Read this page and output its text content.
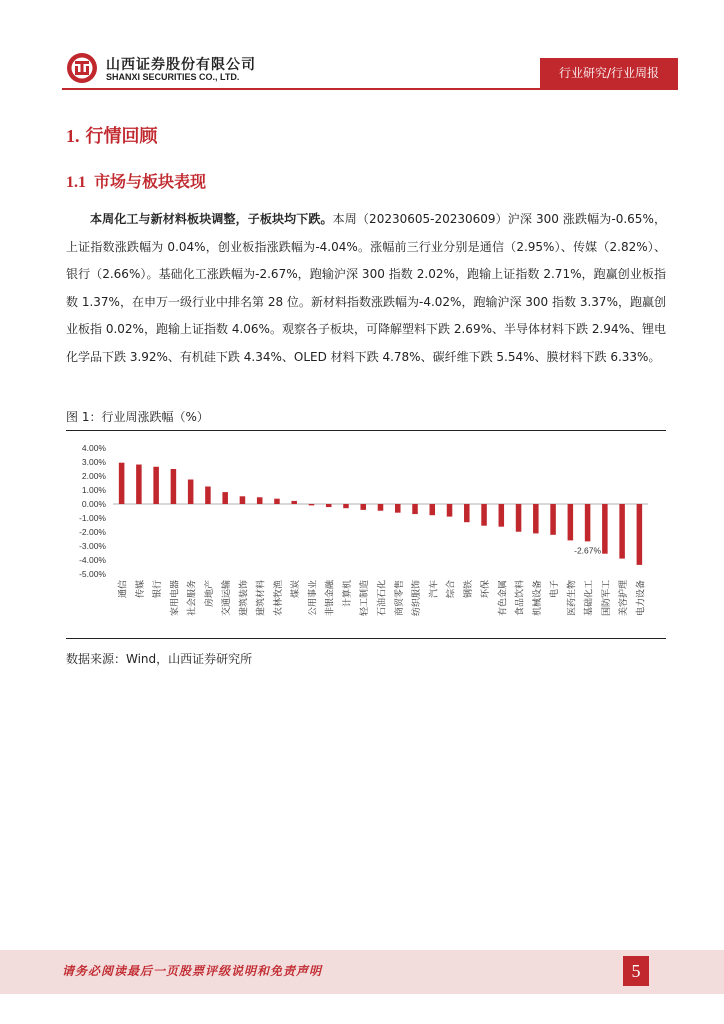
山西证券股份有限公司
SHANXI SECURITIES CO., LTD.	行业研究/行业周报
1. 行情回顾
1.1 市场与板块表现
本周化工与新材料板块调整，子板块均下跌。本周（20230605-20230609）沪深 300 涨跌幅为-0.65%，上证指数涨跌幅为 0.04%，创业板指涨跌幅为-4.04%。涨幅前三行业分别是通信（2.95%）、传媒（2.82%）、银行（2.66%）。基础化工涨跌幅为-2.67%，跑输沪深 300 指数 2.02%，跑输上证指数 2.71%，跑赢创业板指数 1.37%，在申万一级行业中排名第 28 位。新材料指数涨跌幅为-4.02%，跑输沪深 300 指数 3.37%，跑赢创业板指 0.02%，跑输上证指数 4.06%。观察各子板块，可降解塑料下跌 2.69%、半导体材料下跌 2.94%、锂电化学品下跌 3.92%、有机硅下跌 4.34%、OLED 材料下跌 4.78%、碳纤维下跌 5.54%、膜材料下跌 6.33%。
图 1：行业周涨跌幅（%）
4.00%
3.00%
2.00%
1.00%
0.00%
-1.00%
-2.00%
-3.00%
-4.00%
-5.00%
-2.67%
通信 传媒 银行 家用电器 社会服务 房地产 交通运输 建筑装饰 建筑材料 农林牧渔 煤炭 公用事业 非银金融 计算机 轻工制造 石油石化 商贸零售 纺织服饰 汽车 综合 钢铁 环保 有色金属 食品饮料 机械设备 电子 医药生物 基础化工 国防军工 美容护理 电力设备
数据来源：Wind，山西证券研究所
请务必阅读最后一页股票评级说明和免责声明	5
